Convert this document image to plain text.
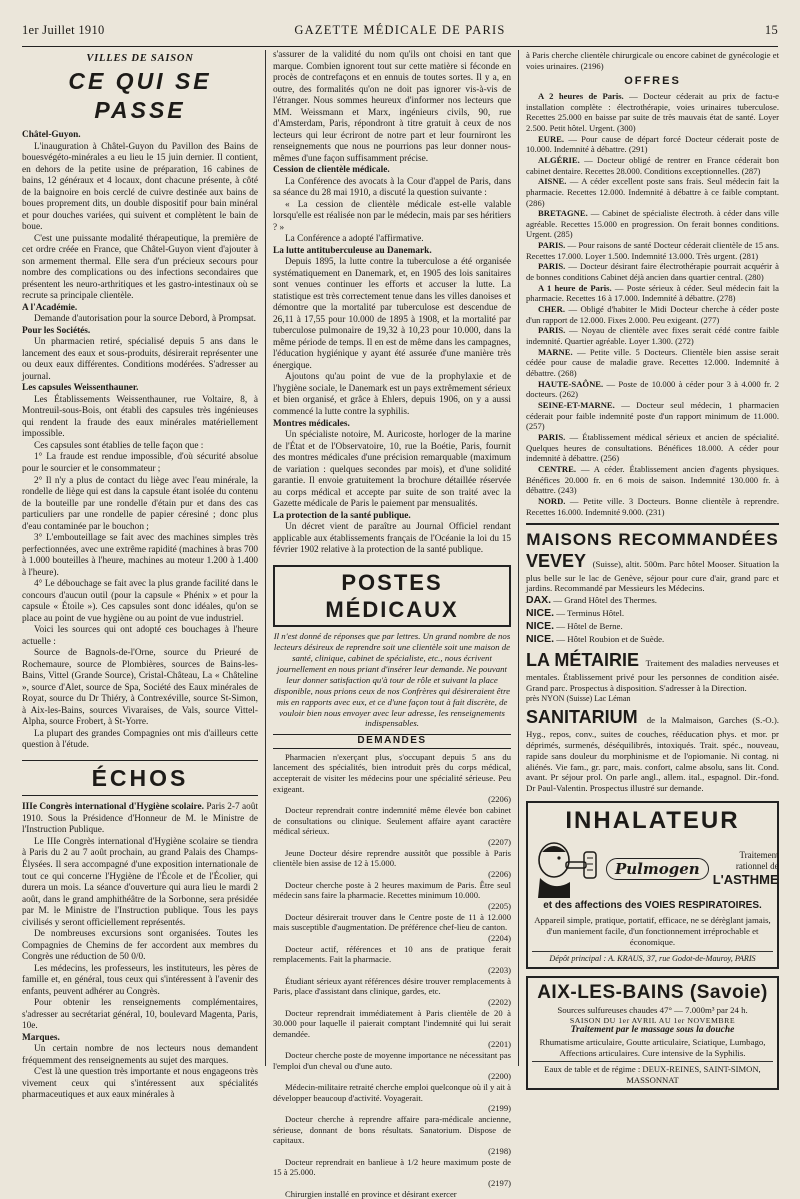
1er Juillet 1910	GAZETTE MÉDICALE DE PARIS	15
VILLES DE SAISON
CE QUI SE PASSE

Châtel-Guyon.

L'inauguration à Châtel-Guyon du Pavillon des Bains de bouesvégéto-minérales a eu lieu le 15 juin dernier. Il contient, en dehors de la petite usine de préparation, 16 cabines de bains, 12 généraux et 4 locaux, dont chacune présente, à côté de la baignoire en bois cerclé de cuivre destinée aux bains de boues proprement dits, un double dispositif pour bain minéral et pour douches variées, qui suivent et complètent le bain de boue.

C'est une puissante modalité thérapeutique, la première de cet ordre créée en France, que Châtel-Guyon vient d'ajouter à son armement thermal. Elle sera d'un précieux secours pour nombre des complications ou des infections secondaires que présentent les neuro-arthritiques et les gastro-intestinaux où se recrute sa principale clientèle.

A l'Académie.

Demande d'autorisation pour la source Debord, à Prompsat.

Pour les Sociétés.

Un pharmacien retiré, spécialisé depuis 5 ans dans le lancement des eaux et sous-produits, désirerait représenter une ou deux eaux différentes. Conditions modérées. S'adresser au journal.

Les capsules Weissenthauner.

Les Établissements Weissenthauner, rue Voltaire, 8, à Montreuil-sous-Bois, ont établi des capsules très ingénieuses qui rendent la fraude des eaux minérales matériellement impossible.

Ces capsules sont établies de telle façon que :

1° La fraude est rendue impossible, d'où sécurité absolue pour le sourcier et le consommateur ;

2° Il n'y a plus de contact du liège avec l'eau minérale, la rondelle de liège qui est dans la capsule étant isolée du contenu de la bouteille par une rondelle d'étain pur et dans des cas particuliers par une rondelle de papier céresiné ; donc plus d'eau contaminée par le bouchon ;

3° L'embouteillage se fait avec des machines simples très perfectionnées, avec une extrême rapidité (machines à bras 700 à 1.000 bouteilles à l'heure, machines au moteur 1.200 à 1.400 à l'heure).

4° Le débouchage se fait avec la plus grande facilité dans le concours d'aucun outil (pour la capsule « Phénix » et pour la capsule « Étoile »). Ces capsules sont donc idéales, qu'on se place au point de vue hygiène ou au point de vue industriel.

Voici les sources qui ont adopté ces bouchages à l'heure actuelle :

Source de Bagnols-de-l'Orne, source du Prieuré de Rochemaure, source de Plombières, sources de Bains-les-Bains, Vittel (Grande Source), Cristal-Château, La « Châteline », source d'Alet, source de Spa, Société des Eaux minérales de Royat, source du Dr Thiéry, à Contrexéville, source St-Simon, à Aix-les-Bains, sources Vivaraises, de Vals, source Vittel-Alpha, source Frobert, à St-Yorre.

La plupart des grandes Compagnies ont mis d'ailleurs cette question à l'étude.

ÉCHOS

IIIe Congrès international d'Hygiène scolaire. Paris 2-7 août 1910. Sous la Présidence d'Honneur de M. le Ministre de l'Instruction Publique.

Le IIIe Congrès international d'Hygiène scolaire se tiendra à Paris du 2 au 7 août prochain, au grand Palais des Champs-Élysées. Il sera accompagné d'une exposition internationale de tout ce qui concerne l'Hygiène de l'École et de l'Écolier, qui durera un mois. La séance d'ouverture qui aura lieu le mardi 2 août, dans le grand amphithéâtre de la Sorbonne, sera présidée par M. le Ministre de l'Instruction publique. Tous les pays civilisés y seront officiellement représentés.

De nombreuses excursions sont organisées. Toutes les Compagnies de Chemins de fer accordent aux membres du Congrès une réduction de 50 0/0.

Les médecins, les professeurs, les instituteurs, les pères de famille et, en général, tous ceux qui s'intéressent à l'avenir des enfants, peuvent adhérer au Congrès.

Pour obtenir les renseignements complémentaires, s'adresser au secrétariat général, 10, boulevard Magenta, Paris, 10e.

Marques.

Un certain nombre de nos lecteurs nous demandent fréquemment des renseignements au sujet des marques.

C'est là une question très importante et nous engageons très vivement ceux qui s'intéressent aux spécialités pharmaceutiques et aux eaux minérales à

s'assurer de la validité du nom qu'ils ont choisi en tant que marque. Combien ignorent tout sur cette matière si féconde en procès de contrefaçons et en ennuis de toutes sortes. Il y a, en outre, des formalités qu'on ne doit pas ignorer vis-à-vis de l'étranger. Nous sommes heureux d'informer nos lecteurs que MM. Weissmann et Marx, ingénieurs civils, 90, rue d'Amsterdam, Paris, répondront à titre gratuit à ceux de nos lecteurs qui leur écriront de notre part et leur fourniront les renseignements que nous ne pourrions pas leur donner nous-mêmes d'une façon suffisamment précise.

Cession de clientèle médicale.

La Conférence des avocats à la Cour d'appel de Paris, dans sa séance du 28 mai 1910, a discuté la question suivante :

« La cession de clientèle médicale est-elle valable lorsqu'elle est réalisée non par le médecin, mais par ses héritiers ? »

La Conférence a adopté l'affirmative.

La lutte antituberculeuse au Danemark.

Depuis 1895, la lutte contre la tuberculose a été organisée systématiquement en Danemark, et, en 1905 des lois sanitaires sont venues continuer les efforts et accuser la lutte. La statistique est très correctement tenue dans les villes danoises et démontre que la mortalité par tuberculose est descendue de 26,11 à 17,55 pour 10.000 de 1895 à 1908, et la mortalité par tuberculose pulmonaire de 19,32 à 10,23 pour 10.000, dans la même période de temps. Il en est de même dans les campagnes, l'éducation hygiénique y ayant été assurée d'une manière très énergique.

Ajoutons qu'au point de vue de la prophylaxie et de l'hygiène sociale, le Danemark est un pays extrêmement sérieux et bien organisé, et grâce à Ehlers, depuis 1906, on y a aussi commencé la lutte contre la syphilis.

Montres médicales.

Un spécialiste notoire, M. Auricoste, horloger de la marine de l'État et de l'Observatoire, 10, rue la Boétie, Paris, fournit des montres médicales d'une précision remarquable (maximum de variation : quelques secondes par mois), et d'une solidité garantie. Il envoie gratuitement la brochure détaillée réservée au corps médical et accepte par suite de son traité avec la Gazette médicale de Paris le paiement par mensualités.

La protection de la santé publique.

Un décret vient de paraître au Journal Officiel rendant applicable aux établissements français de l'Océanie la loi du 15 février 1902 relative à la protection de la santé publique.

POSTES MÉDICAUX

Il n'est donné de réponses que par lettres. Un grand nombre de nos lecteurs désireux de reprendre soit une clientèle soit une maison de santé, clinique, cabinet de spécialiste, etc., nous écrivent journellement en nous priant d'insérer leur demande. Ne pouvant leur donner satisfaction qu'à tour de rôle et suivant la place disponible, nous prions ceux de nos Confrères qui désireraient être mis en rapports avec eux, et ce d'une façon tout à fait discrète, de vouloir bien nous envoyer avec leur adresse, les renseignements indispensables.

DEMANDES

Pharmacien n'exerçant plus, s'occupant depuis 5 ans du lancement des spécialités, bien introduit près du corps médical, accepterait de visiter les médecins pour une spécialité sérieuse. Peu exigeant.

(2206)

Docteur reprendrait contre indemnité même élevée bon cabinet de consultations ou clinique. Seulement affaire ayant caractère médical sérieux.

(2207)

Jeune Docteur désire reprendre aussitôt que possible à Paris clientèle bien assise de 12 à 15.000.

(2206)

Docteur cherche poste à 2 heures maximum de Paris. Être seul médecin sans faire la pharmacie. Recettes minimum 10.000.

(2205)

Docteur désirerait trouver dans le Centre poste de 11 à 12.000 mais susceptible d'augmentation. De préférence chef-lieu de canton.

(2204)

Docteur actif, références et 10 ans de pratique ferait remplacements. Fait la pharmacie.

(2203)

Étudiant sérieux ayant références désire trouver remplacements à Paris, place d'assistant dans clinique, gardes, etc.

(2202)

Docteur reprendrait immédiatement à Paris clientèle de 20 à 30.000 pour laquelle il paierait comptant l'indemnité qui lui serait demandée.

(2201)

Docteur cherche poste de moyenne importance ne nécessitant pas l'emploi d'un cheval ou d'une auto.

(2200)

Médecin-militaire retraité cherche emploi quelconque où il y ait à développer beaucoup d'activité. Voyagerait.

(2199)

Docteur cherche à reprendre affaire para-médicale ancienne, sérieuse, donnant de bons résultats. Sanatorium. Dispose de capitaux.

(2198)

Docteur reprendrait en banlieue à 1/2 heure maximum poste de 15 à 25.000.

(2197)

Chirurgien installé en province et désirant exercer

à Paris cherche clientèle chirurgicale ou encore cabinet de gynécologie et voies urinaires. (2196)

OFFRES

A 2 heures de Paris. — Docteur céderait au prix de factu-e installation complète : électrothérapie, voies urinaires tuberculose. Recettes 25.000 en baisse par suite de très mauvais état de santé. Loyer 2.500. Petit hôtel. Urgent. (300)

EURE. — Pour cause de départ forcé Docteur céderait poste de 10.000. Indemnité à débattre. (291)

ALGÉRIE. — Docteur obligé de rentrer en France céderait bon cabinet dentaire. Recettes 28.000. Conditions exceptionnelles. (287)

AISNE. — A céder excellent poste sans frais. Seul médecin fait la pharmacie. Recettes 12.000. Indemnité à débattre à ce faible comptant. (286)

BRETAGNE. — Cabinet de spécialiste électroth. à céder dans ville agréable. Recettes 15.000 en progression. On ferait bonnes conditions. Urgent. (285)

PARIS. — Pour raisons de santé Docteur céderait clientèle de 15 ans. Recettes 17.000. Loyer 1.500. Indemnité 13.000. Très urgent. (281)

PARIS. — Docteur désirant faire électrothérapie pourrait acquérir à de bonnes conditions Cabinet déjà ancien dans quartier central. (280)

A 1 heure de Paris. — Poste sérieux à céder. Seul médecin fait la pharmacie. Recettes 16 à 17.000. Indemnité à débattre. (278)

CHER. — Obligé d'habiter le Midi Docteur cherche à céder poste d'un rapport de 12.000. Fixes 2.000. Peu exigeant. (277)

PARIS. — Noyau de clientèle avec fixes serait cédé contre faible indemnité. Quartier agréable. Loyer 1.300. (272)

MARNE. — Petite ville. 5 Docteurs. Clientèle bien assise serait cédée pour cause de maladie grave. Recettes 12.000. Indemnité à débattre. (268)

HAUTE-SAÔNE. — Poste de 10.000 à céder pour 3 à 4.000 fr. 2 docteurs. (262)

SEINE-ET-MARNE. — Docteur seul médecin, 1 pharmacien céderait pour faible indemnité poste d'un rapport minimum de 11.000. (257)

PARIS. — Établissement médical sérieux et ancien de spécialité. Quelques heures de consultations. Bénéfices 18.000. A céder pour indemnité à débattre. (256)

CENTRE. — A céder. Établissement ancien d'agents physiques. Bénéfices 20.000 fr. en 6 mois de saison. Indemnité 130.000 fr. à débattre. (243)

NORD. — Petite ville. 3 Docteurs. Bonne clientèle à reprendre. Recettes 16.000. Indemnité 9.000. (231)

MAISONS RECOMMANDÉES

VEVEY (Suisse), altit. 500m. Parc hôtel Mooser. Situation la plus belle sur le lac de Genève, séjour pour cure d'air, grand parc et jardins. Recommandé par Messieurs les Médecins.

DAX. — Grand Hôtel des Thermes.

NICE. — Terminus Hôtel.

NICE. — Hôtel de Berne.

NICE. — Hôtel Roubion et de Suède.

LA MÉTAIRIE Traitement des maladies nerveuses et mentales. Établissement privé pour les personnes de condition aisée. Grand parc. Prospectus à disposition. S'adresser à la Direction.

près NYON (Suisse) Lac Léman

SANITARIUM de la Malmaison, Garches (S.-O.). Hyg., repos, conv., suites de couches, rééducation phys. et mor. pr déprimés, surmenés, déséquilibrés, intoxiqués. Trait. spéc., nouveau, rapide sans douleur du morphinisme et de l'opiomanie. Ni contag. ni aliénés. Vie fam., gr. parc, mais. confort, calme absolu, sans lit. Cond. avant. Pr séjour prol. On parle angl., allem. ital., espagnol. Dir.-fond. Dr Paul-Valentin. Prospectus illustré sur demande.

INHALATEUR
Pulmogen
Traitement
rationnel de
L'ASTHME
et des affections des VOIES RESPIRATOIRES.
Appareil simple, pratique, portatif, efficace, ne se dérèglant jamais, d'un maniement facile, d'un fonctionnement irréprochable et économique.
Dépôt principal : A. KRAUS, 37, rue Godot-de-Mauroy, PARIS
AIX-LES-BAINS (Savoie)
Sources sulfureuses chaudes 47° — 7.000m³ par 24 h.
SAISON DU 1er AVRIL AU 1er NOVEMBRE
Traitement par le massage sous la douche
Rhumatisme articulaire, Goutte articulaire, Sciatique, Lumbago, Affections articulaires. Cure intensive de la Syphilis.
Eaux de table et de régime : DEUX-REINES, SAINT-SIMON, MASSONNAT
